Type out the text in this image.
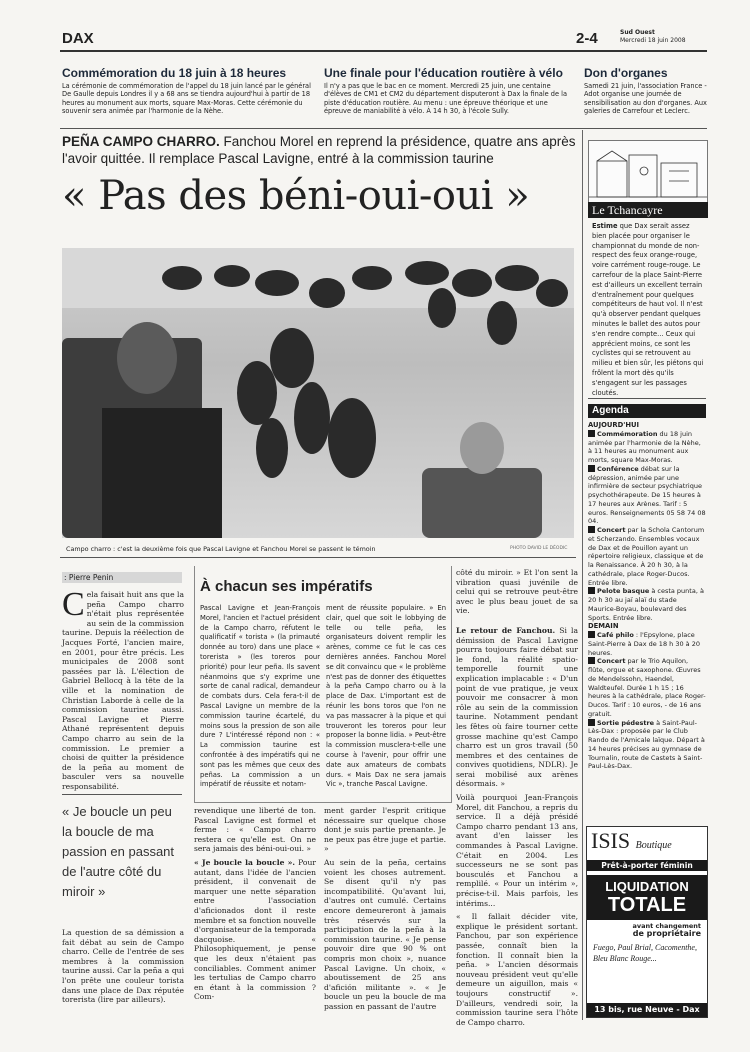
DAX	2-4	Sud Ouest
Mercredi 18 juin 2008
Commémoration du 18 juin à 18 heures
La cérémonie de commémoration de l'appel du 18 juin lancé par le général De Gaulle depuis Londres il y a 68 ans se tiendra aujourd'hui à partir de 18 heures au monument aux morts, square Max-Moras. Cette cérémonie du souvenir sera animée par l'harmonie de la Nèhe.
Une finale pour l'éducation routière à vélo
Il n'y a pas que le bac en ce moment. Mercredi 25 juin, une centaine d'élèves de CM1 et CM2 du département disputeront à Dax la finale de la piste d'éducation routière. Au menu : une épreuve théorique et une épreuve de maniabilité à vélo. À 14 h 30, à l'école Sully.
Don d'organes
Samedi 21 juin, l'association France -Adot organise une journée de sensibilisation au don d'organes. Aux galeries de Carrefour et Leclerc.
PEÑA CAMPO CHARRO. Fanchou Morel en reprend la présidence, quatre ans après l'avoir quittée. Il remplace Pascal Lavigne, entré à la commission taurine
« Pas des béni-oui-oui »
Campo charro : c'est la deuxième fois que Pascal Lavigne et Fanchou Morel se passent le témoin	PHOTO DAVID LE DÉODIC
Le Tchancayre
Estime que Dax serait assez bien placée pour organiser le championnat du monde de non-respect des feux orange-rouge, voire carrément rouge-rouge. Le carrefour de la place Saint-Pierre est d'ailleurs un excellent terrain d'entraînement pour quelques compétiteurs de haut vol. Il n'est qu'à observer pendant quelques minutes le ballet des autos pour s'en rendre compte... Ceux qui apprécient moins, ce sont les cyclistes qui se retrouvent au milieu et bien sûr, les piétons qui frôlent la mort dès qu'ils s'engagent sur les passages cloutés.
Agenda
AUJOURD'HUI
Commémoration du 18 juin animée par l'harmonie de la Nèhe, à 11 heures au monument aux morts, square Max-Moras.
Conférence débat sur la dépression, animée par une infirmière de secteur psychiatrique psychothérapeute. De 15 heures à 17 heures aux Arènes. Tarif : 5 euros. Renseignements 05 58 74 08 04.
Concert par la Schola Cantorum et Scherzando. Ensembles vocaux de Dax et de Pouillon ayant un répertoire religieux, classique et de la Renaissance. À 20 h 30, à la cathédrale, place Roger-Ducos. Entrée libre.
Pelote basque à cesta punta, à 20 h 30 au jaï alaï du stade Maurice-Boyau, boulevard des Sports. Entrée libre.
DEMAIN
Café philo : l'Epsylone, place Saint-Pierre à Dax de 18 h 30 à 20 heures.
Concert par le Trio Aquilon, flûte, orgue et saxophone. Œuvres de Mendelssohn, Haendel, Waldteufel. Durée 1 h 15 ; 16 heures à la cathédrale, place Roger-Ducos. Tarif : 10 euros, - de 16 ans gratuit.
Sortie pédestre à Saint-Paul-Lès-Dax : proposée par le Club Rando de l'Amicale laïque. Départ à 14 heures précises au gymnase de Tournalin, route de Castets à Saint-Paul-Lès-Dax.
ISIS Boutique
Prêt-à-porter féminin
LIQUIDATION
TOTALE
avant changement
de propriétaire
Fuego, Paul Brial, Cacomenthe, Bleu Blanc Rouge...
13 bis, rue Neuve - Dax
: Pierre Penin
Cela faisait huit ans que la peña Campo charro n'était plus représentée au sein de la commission taurine. Depuis la réélection de Jacques Forté, l'ancien maire, en 2001, pour être précis. Les municipales de 2008 sont passées par là. L'élection de Gabriel Bellocq à la tête de la ville et la nomination de Christian Laborde à celle de la commission taurine aussi. Pascal Lavigne et Pierre Athané représentent depuis Campo charro au sein de la commission. Le premier a choisi de quitter la présidence de la peña au moment de basculer vers sa nouvelle responsabilité.
« Je boucle un peu la boucle de ma passion en passant de l'autre côté du miroir »
La question de sa démission a fait débat au sein de Campo charro. Celle de l'entrée de ses membres à la commission taurine aussi. Car la peña a qui l'on prête une couleur torista dans une place de Dax réputée torerista (lire par ailleurs).
À chacun ses impératifs
Pascal Lavigne et Jean-François Morel, l'ancien et l'actuel président de la Campo charro, réfutent le qualificatif « torista » (la primauté donnée au toro) dans une place « torerista » (les toreros pour priorité) pour leur peña. Ils savent néanmoins que s'y exprime une sorte de canal radical, demandeur de combats durs. Cela fera-t-il de Pascal Lavigne un membre de la commission taurine écartelé, du moins sous la pression de son aile dure ? L'intéressé répond non : « La commission taurine est confrontée à des impératifs qui ne sont pas les mêmes que ceux des peñas. La commission a un impératif de réussite et notam-
ment de réussite populaire. » En clair, quel que soit le lobbying de telle ou telle peña, les organisateurs doivent remplir les arènes, comme ce fut le cas ces dernières années. Fanchou Morel se dit convaincu que « le problème n'est pas de donner des étiquettes à la peña Campo charro ou à la place de Dax. L'important est de réunir les bons toros que l'on ne va pas massacrer à la pique et qui trouveront les toreros pour leur proposer la bonne lidia. » Peut-être la commission musclera-t-elle une course à l'avenir, pour offrir une date aux amateurs de combats durs. « Mais Dax ne sera jamais Vic », tranche Pascal Lavigne.

revendique une liberté de ton. Pascal Lavigne est formel et ferme : « Campo charro restera ce qu'elle est. On ne sera jamais des béni-oui-oui. »

« Je boucle la boucle ». Pour autant, dans l'idée de l'ancien président, il convenait de marquer une nette séparation entre l'association d'aficionados dont il reste membre et sa fonction nouvelle d'organisateur de la temporada dacquoise. « Philosophiquement, je pense que les deux n'étaient pas conciliables. Comment animer les tertulias de Campo charro en étant à la commission ? Com-

ment garder l'esprit critique nécessaire sur quelque chose dont je suis partie prenante. Je ne peux pas être juge et partie. »

Au sein de la peña, certains voient les choses autrement. Se disent qu'il n'y pas incompatibilité. Qu'avant lui, d'autres ont cumulé. Certains encore demeureront à jamais très réservés sur la participation de la peña à la commission taurine. « Je pense pouvoir dire que 90 % ont compris mon choix », nuance Pascal Lavigne. Un choix, « aboutissement de 25 ans d'afición militante ». « Je boucle un peu la boucle de ma passion en passant de l'autre

côté du miroir. » Et l'on sent la vibration quasi juvénile de celui qui se retrouve peut-être avec le plus beau jouet de sa vie.

Le retour de Fanchou. Si la démission de Pascal Lavigne pourra toujours faire débat sur le fond, la réalité spatio-temporelle fournit une explication implacable : « D'un point de vue pratique, je veux pouvoir me consacrer à mon rôle au sein de la commission taurine. Notamment pendant les fêtes où faire tourner cette grosse machine qu'est Campo charro est un gros travail (50 membres et des centaines de convives quotidiens, NDLR). Je serai mobilisé aux arènes désormais. »

Voilà pourquoi Jean-François Morel, dit Fanchou, a repris du service. Il a déjà présidé Campo charro pendant 13 ans, avant d'en laisser les commandes à Pascal Lavigne. C'était en 2004. Les successeurs ne se sont pas bousculés et Fanchou a remplilé. « Pour un intérim », précise-t-il. Mais parfois, les intérims...

« Il fallait décider vite, explique le président sortant. Fanchou, par son expérience passée, connaît bien la fonction. Il connaît bien la peña. » L'ancien désormais nouveau président veut qu'elle demeure un aiguillon, mais « toujours constructif ». D'ailleurs, vendredi soir, la commission taurine sera l'hôte de Campo charro.
